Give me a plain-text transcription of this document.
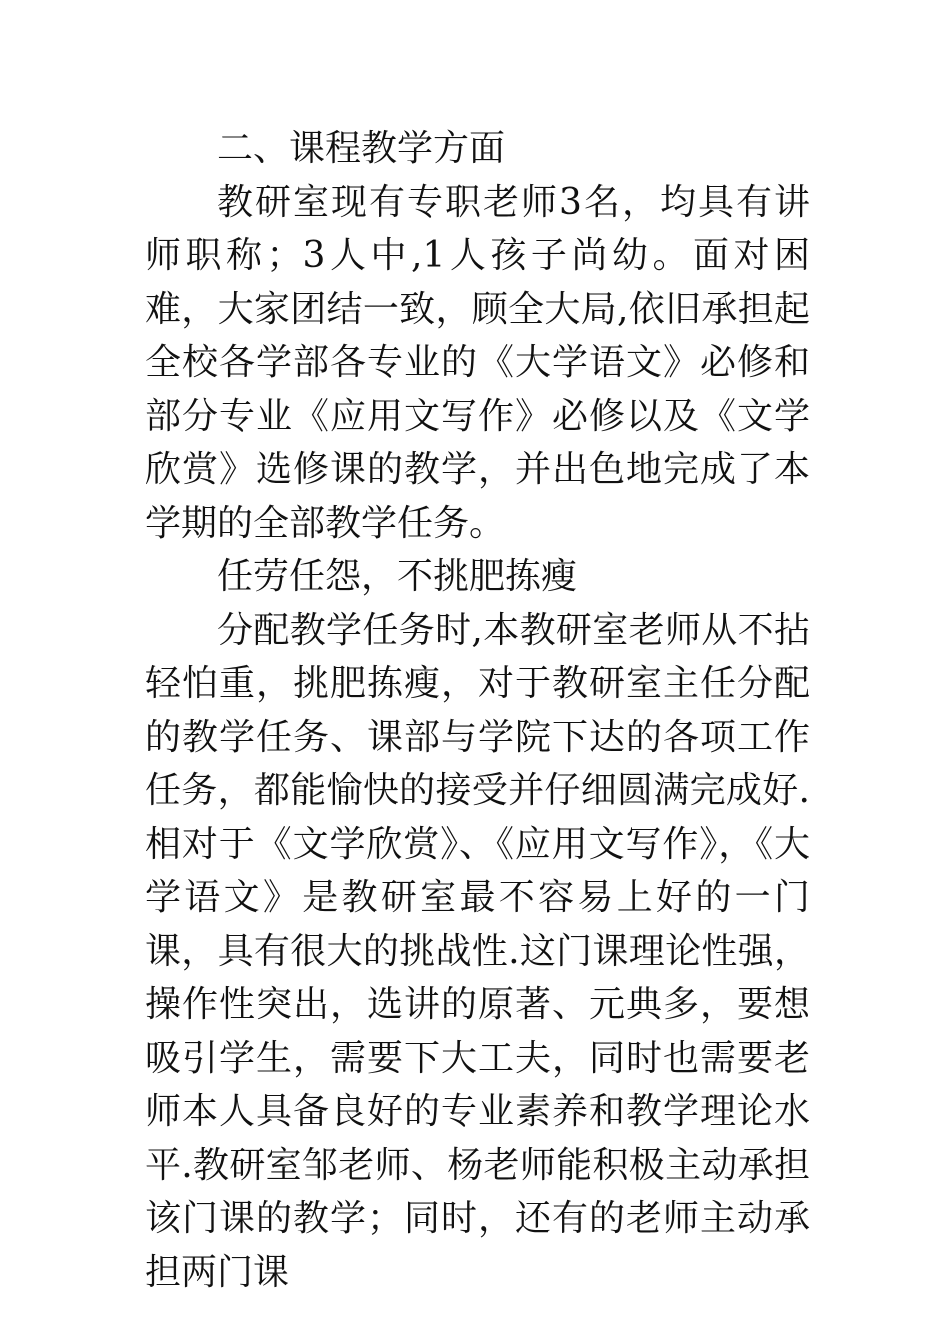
二、课程教学方面

教研室现有专职老师3名，均具有讲师职称；3人中,1人孩子尚幼。面对困难，大家团结一致，顾全大局,依旧承担起全校各学部各专业的《大学语文》必修和部分专业《应用文写作》必修以及《文学欣赏》选修课的教学，并出色地完成了本学期的全部教学任务。

任劳任怨，不挑肥拣瘦

分配教学任务时,本教研室老师从不拈轻怕重，挑肥拣瘦，对于教研室主任分配的教学任务、课部与学院下达的各项工作任务，都能愉快的接受并仔细圆满完成好.相对于《文学欣赏》、《应用文写作》，《大学语文》是教研室最不容易上好的一门课，具有很大的挑战性.这门课理论性强，操作性突出，选讲的原著、元典多，要想吸引学生，需要下大工夫，同时也需要老师本人具备良好的专业素养和教学理论水平.教研室邹老师、杨老师能积极主动承担该门课的教学；同时，还有的老师主动承担两门课
